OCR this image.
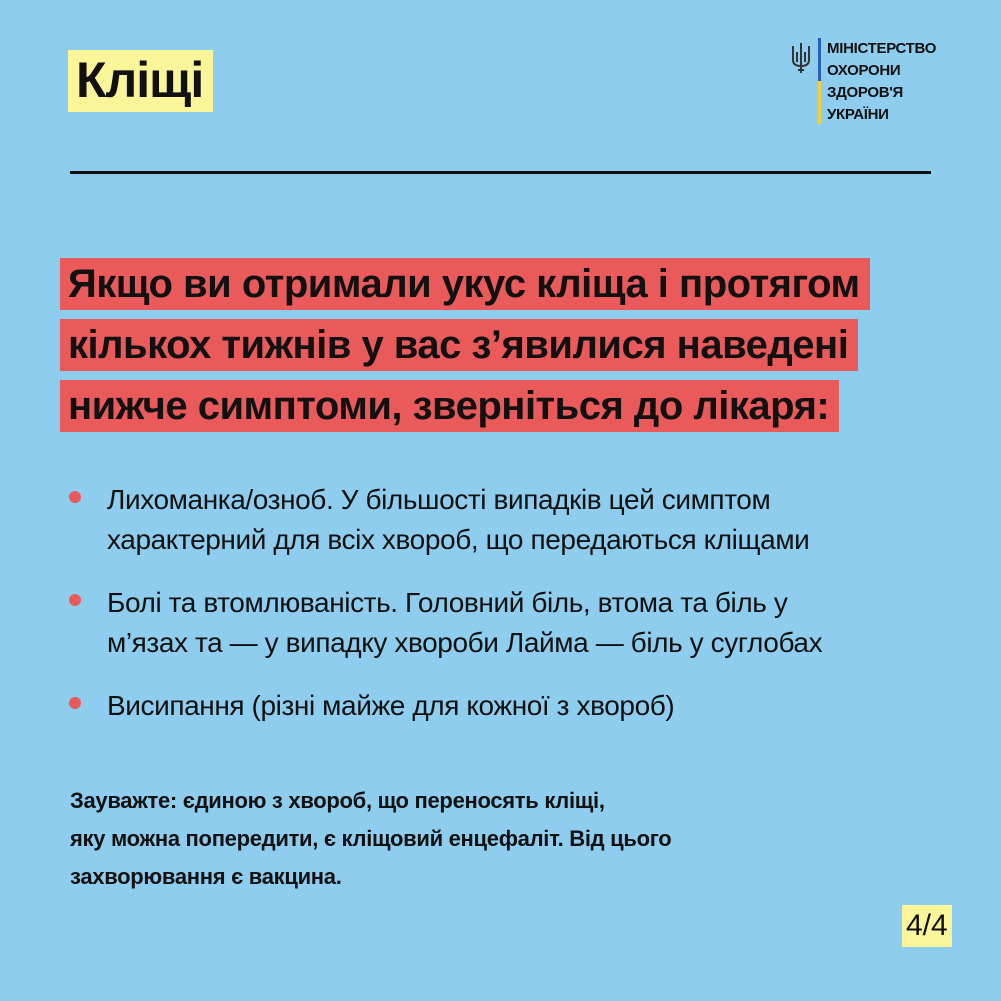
Кліщі
МІНІСТЕРСТВО
ОХОРОНИ
ЗДОРОВ'Я
УКРАЇНИ
Якщо ви отримали укус кліща і протягом
кількох тижнів у вас з’явилися наведені
нижче симптоми, зверніться до лікаря:
Лихоманка/озноб. У більшості випадків цей симптом
характерний для всіх хвороб, що передаються кліщами
Болі та втомлюваність. Головний біль, втома та біль у
м’язах та — у випадку хвороби Лайма — біль у суглобах
Висипання (різні майже для кожної з хвороб)
Зауважте: єдиною з хвороб, що переносять кліщі,
яку можна попередити, є кліщовий енцефаліт. Від цього
захворювання є вакцина.
4/4
